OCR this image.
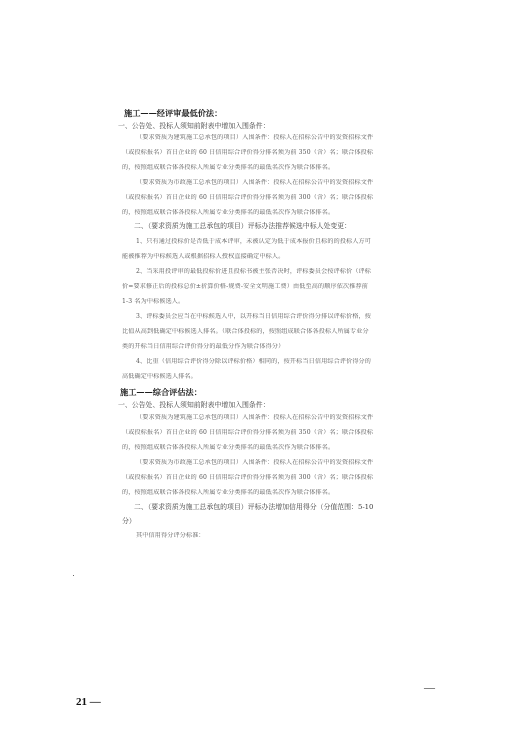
施工——经评审最低价法：
一、公告处、投标人须知前附表中增加入围条件：
（要求资质为建筑施工总承包的项目）入围条件：投标人在招标公告中的发资招标文件
（或投标报名）首日企业的 60 日信用综合评价得分排名须为前 350（含）名；联合体投标
的，按照组成联合体各投标人所属专业分类排名的最低名次作为联合体排名。
（要求资质为市政施工总承包的项目）入围条件：投标人在招标公告中的发资招标文件
（或投标报名）首日企业的 60 日信用综合评价得分排名须为前 300（含）名；联合体投标
的，按照组成联合体各投标人所属专业分类排名的最低名次作为联合体排名。
二、（要求资质为施工总承包的项目）评标办法推荐候选中标人处变更：
1、只有通过投标价是否低于成本评审，未被认定为低于成本报价且标的的投标人方可
能被推荐为中标候选人或根据招标人授权直接确定中标人。
2、当采用投评审的最低投标价进且投标书被主张否决时，评标委员会按评标价（评标
价=要求修正后的投标总价±折算价格-规费-安全文明施工费）由低至高的顺序依次推荐前
1-3 名为中标候选人。
3、评标委员会应当在中标候选人中，以开标当日信用综合评价得分排以评标价格，按
比值从高到低确定中标候选人排名。（联合体投标的，按照组成联合体各投标人所属专业分
类的开标当日信用综合评价得分的最低分作为联合体得分）
4、比重（信用综合评价得分除以评标价格）相同的，按开标当日信用综合评价得分的
高低确定中标候选人排名。
施工——综合评估法：
一、公告处、投标人须知前附表中增加入围条件：
（要求资质为建筑施工总承包的项目）入围条件：投标人在招标公告中的发资招标文件
（或投标报名）首日企业的 60 日信用综合评价得分排名须为前 350（含）名；联合体投标
的，按照组成联合体各投标人所属专业分类排名的最低名次作为联合体排名。
（要求资质为市政施工总承包的项目）入围条件：投标人在招标公告中的发资招标文件
（或投标报名）首日企业的 60 日信用综合评价得分排名须为前 300（含）名；联合体投标
的，按照组成联合体各投标人所属专业分类排名的最低名次作为联合体排名。
二、（要求资质为施工总承包的项目）评标办法增加信用得分（分值范围：5-10
分）
其中信用得分评分标准：
21 —
—
